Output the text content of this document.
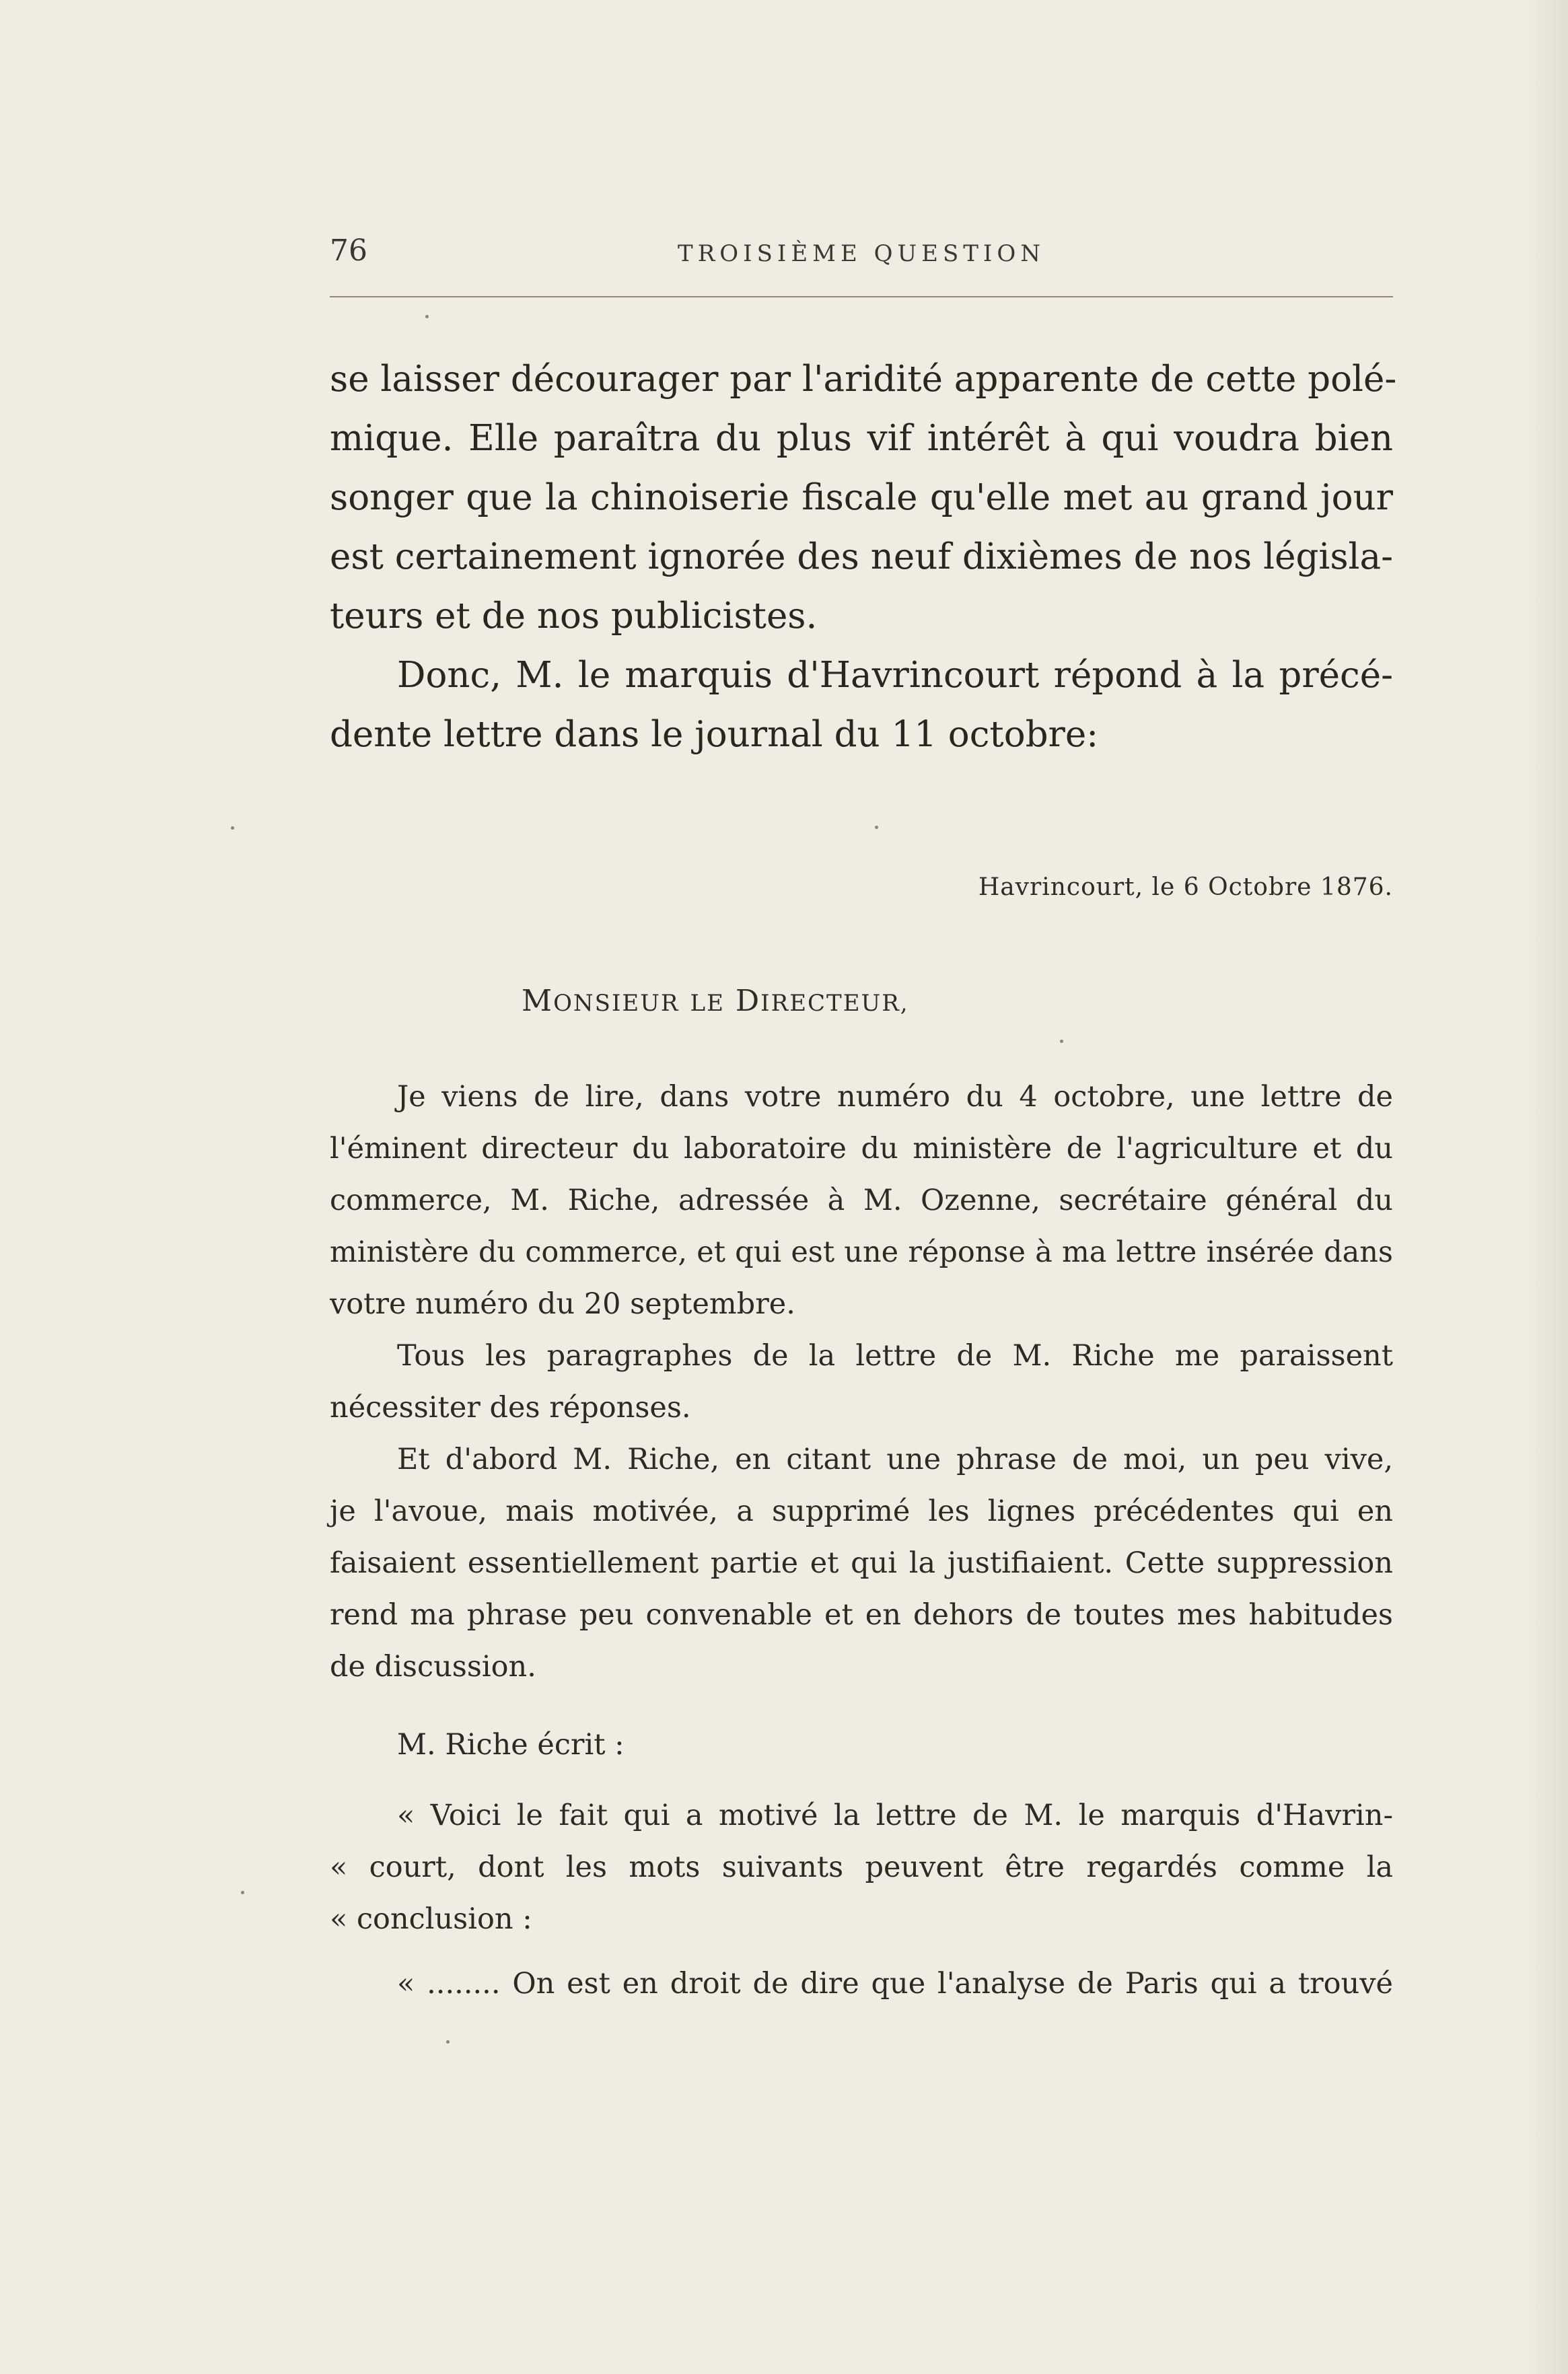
76	TROISIÈME QUESTION
se laisser décourager par l'aridité apparente de cette polé-
mique. Elle paraîtra du plus vif intérêt à qui voudra bien
songer que la chinoiserie fiscale qu'elle met au grand jour
est certainement ignorée des neuf dixièmes de nos législa-
teurs et de nos publicistes.
Donc, M. le marquis d'Havrincourt répond à la précé-
dente lettre dans le journal du 11 octobre:
Havrincourt, le 6 Octobre 1876.
MONSIEUR LE DIRECTEUR,
Je viens de lire, dans votre numéro du 4 octobre, une lettre de
l'éminent directeur du laboratoire du ministère de l'agriculture et du
commerce, M. Riche, adressée à M. Ozenne, secrétaire général du
ministère du commerce, et qui est une réponse à ma lettre insérée dans
votre numéro du 20 septembre.
Tous les paragraphes de la lettre de M. Riche me paraissent
nécessiter des réponses.
Et d'abord M. Riche, en citant une phrase de moi, un peu vive,
je l'avoue, mais motivée, a supprimé les lignes précédentes qui en
faisaient essentiellement partie et qui la justifiaient. Cette suppression
rend ma phrase peu convenable et en dehors de toutes mes habitudes
de discussion.
M. Riche écrit :
« Voici le fait qui a motivé la lettre de M. le marquis d'Havrin-
« court, dont les mots suivants peuvent être regardés comme la
« conclusion :
« ........ On est en droit de dire que l'analyse de Paris qui a trouvé
